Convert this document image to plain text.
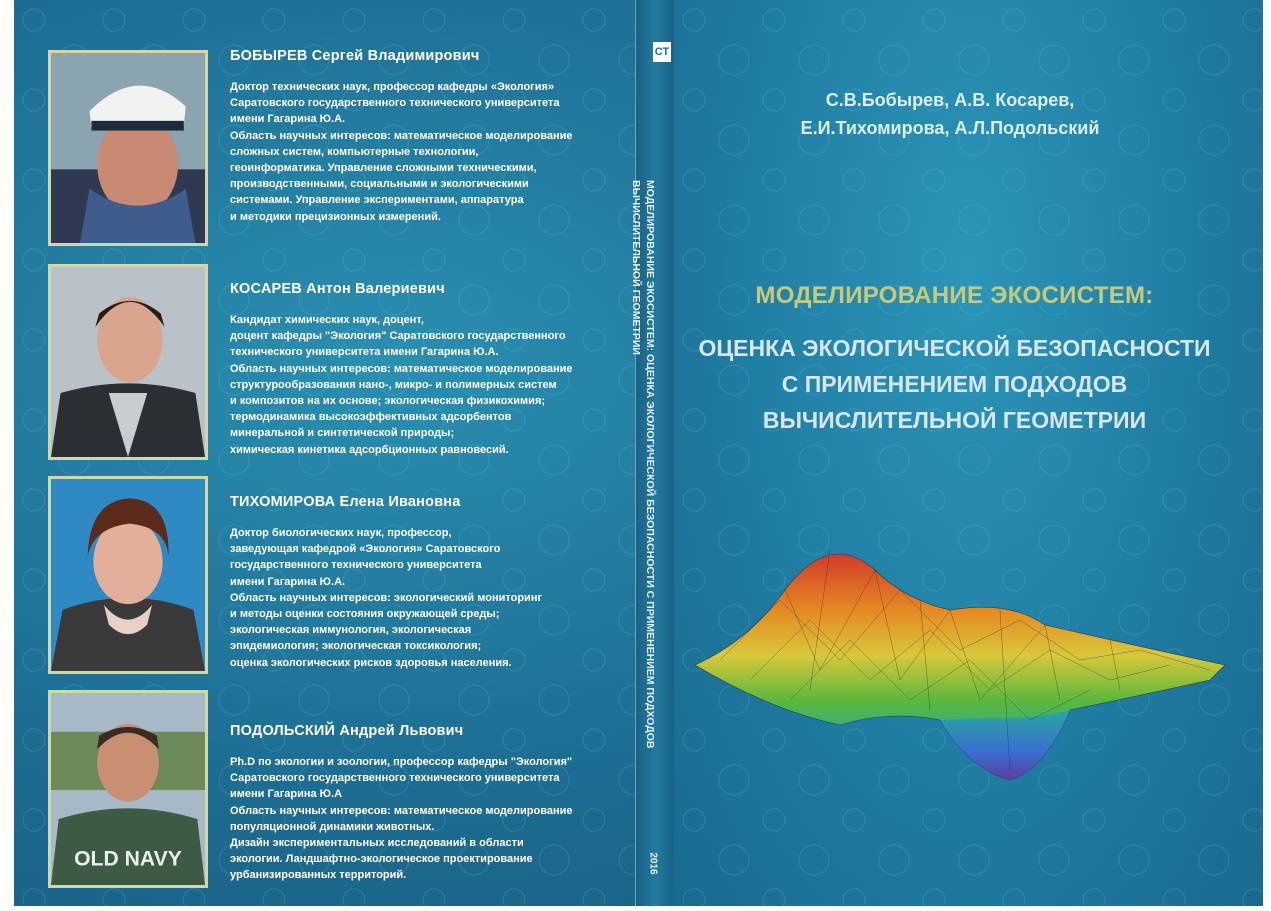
БОБЫРЕВ Сергей Владимирович

Доктор технических наук, профессор кафедры «Экология»
Саратовского государственного технического университета
имени Гагарина Ю.А.
Область научных интересов: математическое моделирование
сложных систем, компьютерные технологии,
геоинформатика. Управление сложными техническими,
производственными, социальными и экологическими
системами. Управление экспериментами, аппаратура
и методики прецизионных измерений.

КОСАРЕВ Антон Валериевич

Кандидат химических наук, доцент,
доцент кафедры "Экология" Саратовского государственного
технического университета имени Гагарина Ю.А.
Область научных интересов: математическое моделирование
структурообразования нано-, микро- и полимерных систем
и композитов на их основе; экологическая физикохимия;
термодинамика высокоэффективных адсорбентов
минеральной и синтетической природы;
химическая кинетика адсорбционных равновесий.

ТИХОМИРОВА Елена Ивановна

Доктор биологических наук, профессор,
заведующая кафедрой «Экология» Саратовского
государственного технического университета
имени Гагарина Ю.А.
Область научных интересов: экологический мониторинг
и методы оценки состояния окружающей среды;
экологическая иммунология, экологическая
эпидемиология; экологическая токсикология;
оценка экологических рисков здоровья населения.
OLD NAVY

ПОДОЛЬСКИЙ Андрей Львович

Ph.D по экологии и зоологии, профессор кафедры "Экология"
Саратовского государственного технического университета
имени Гагарина Ю.А
Область научных интересов: математическое моделирование
популяционной динамики животных.
Дизайн экспериментальных исследований в области
экологии. Ландшафтно-экологическое проектирование
урбанизированных территорий.
СТ
МОДЕЛИРОВАНИЕ ЭКОСИСТЕМ: ОЦЕНКА ЭКОЛОГИЧЕСКОЙ БЕЗОПАСНОСТИ С ПРИМЕНЕНИЕМ ПОДХОДОВ ВЫЧИСЛИТЕЛЬНОЙ ГЕОМЕТРИИ
2016
С.В.Бобырев, А.В. Косарев,
Е.И.Тихомирова, А.Л.Подольский
МОДЕЛИРОВАНИЕ ЭКОСИСТЕМ:
ОЦЕНКА ЭКОЛОГИЧЕСКОЙ БЕЗОПАСНОСТИ
С ПРИМЕНЕНИЕМ ПОДХОДОВ
ВЫЧИСЛИТЕЛЬНОЙ ГЕОМЕТРИИ
